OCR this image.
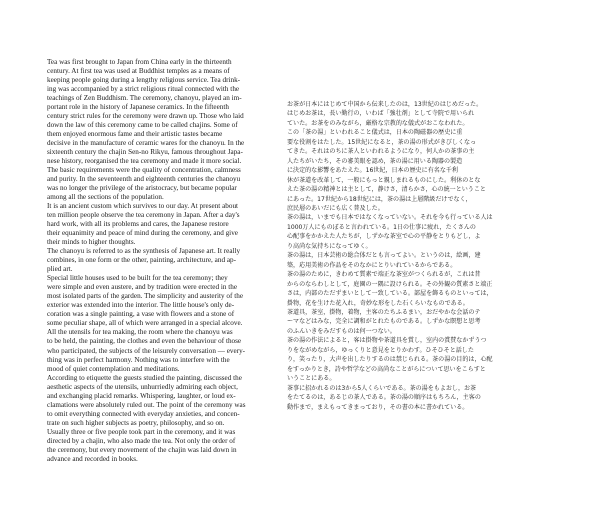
Tea was first brought to Japan from China early in the thirteenth
century. At first tea was used at Buddhist temples as a means of
keeping people going during a lengthy religious service. Tea drink-
ing was accompanied by a strict religious ritual connected with the
teachings of Zen Buddhism. The ceremony, chanoyu, played an im-
portant role in the history of Japanese ceramics. In the fifteenth
century strict rules for the ceremony were drawn up. Those who laid
down the law of this ceremony came to be called chajins. Some of
them enjoyed enormous fame and their artistic tastes became
decisive in the manufacture of ceramic wares for the chanoyu. In the
sixteenth century the chajin Sen-no Rikyu, famous throughout Japa-
nese history, reorganised the tea ceremony and made it more social.
The basic requirements were the quality of concentration, calmness
and purity. In the seventeenth and eighteenth centuries the chanoyu
was no longer the privilege of the aristocracy, but became popular
among all the sections of the population.

It is an ancient custom which survives to our day. At present about
ten million people observe the tea ceremony in Japan. After a day's
hard work, with all its problems and cares, the Japanese restore
their equanimity and peace of mind during the ceremony, and give
their minds to higher thoughts.

The chanoyu is referred to as the synthesis of Japanese art. It really
combines, in one form or the other, painting, architecture, and ap-
plied art.

Special little houses used to be built for the tea ceremony; they
were simple and even austere, and by tradition were erected in the
most isolated parts of the garden. The simplicity and austerity of the
exterior was extended into the interior. The little house's only de-
coration was a single painting, a vase with flowers and a stone of
some peculiar shape, all of which were arranged in a special alcove.
All the utensils for tea making, the room where the chanoyu was
to be held, the painting, the clothes and even the behaviour of those
who participated, the subjects of the leisurely conversation — every-
thing was in perfect harmony. Nothing was to interfere with the
mood of quiet contemplation and meditations.

According to etiquette the guests studied the painting, discussed the
aesthetic aspects of the utensils, unhurriedly admiring each object,
and exchanging placid remarks. Whispering, laughter, or loud ex-
clamations were absolutely ruled out. The point of the ceremony was
to omit everything connected with everyday anxieties, and concen-
trate on such higher subjects as poetry, philosophy, and so on.

Usually three or five people took part in the ceremony, and it was
directed by a chajin, who also made the tea. Not only the order of
the ceremony, but every movement of the chajin was laid down in
advance and recorded in books.

お茶が日本にはじめて中国から伝来したのは，13世紀のはじめだった。
はじめお茶は，長い勤行の，いわば「強壮剤」として寺院で用いられ
ていた。お茶をのみながら，厳格な宗教的な儀式がおこなわれた。
この「茶の湯」といわれること儀式は，日本の陶磁器の歴史に重
要な役割をはたした。15世紀になると，茶の湯の形式がきびしくなっ
てきた。それはのちに茶人といわれるようになり，何人かの茶事の主
人たちがいたち，その審美眼を認め，茶の湯に用いる陶器の製造
に決定的な影響をあたえた。16世紀，日本の歴史に有名な千利
休が茶道を改革して，一般にもっと親しまれるものにした。利休のとな
えた茶の湯の精神とは主として，静けさ，清らかさ，心の統一ということ
にあった。17世紀から18世紀には，茶の湯は上層階級だけでなく，
庶民層のあいだにも広く普及した。

茶の湯は，いまでも日本ではなくなっていない。それを今も行っている人は
1000万人にものぼると言われている。1日の仕事に疲れ，たくさんの
心配事をかかえた人たちが，しずかな茶室で心の平静をとりもどし，よ
り高尚な気持ちになってゆく。

茶の湯は，日本芸術の総合体だとも言ってよい。というのは，絵画，建
築，応用美術の作品をそのなかにとりいれているからである。

茶の湯のために，きわめて質素で端正な茶室がつくられるが，これは昔
からのならわしとして，庭園の一隅に設けられる。その外観の質素さと端正
さは，内部のただずまいとして一致している。部屋を飾るものといっては，
掛物，花を生けた花入れ，奇妙な形をした石くらいなものである。
茶道具，茶室，掛物，着物，主客のたちふるまい，おだやかな会話のテ
ーマなどはみな，完全に調和がとれたものである。しずかな瞑想と思考
のふんいきをみだすものは何一つない。

茶の湯の作法によると，客は掛物や茶道具を賞し，室内の賞賛なかずうつ
りをながめながら，ゆっくりと意見をとりかわす。ひそひそと話した
り，笑ったり，大声を出したりするのは禁じられる。茶の湯の目的は，心配
をすっかりとき，詩や哲学などの高尚なことがらについて思いをこらすと
いうことにある。

茶事に招かれるのは3から5人くらいである。茶の湯をもよおし，お茶
をたてるのは，あるじの茶人である。茶の湯の順序はもちろん，主客の
動作まで，まえもってきまっており，その書の本に書かれている。
